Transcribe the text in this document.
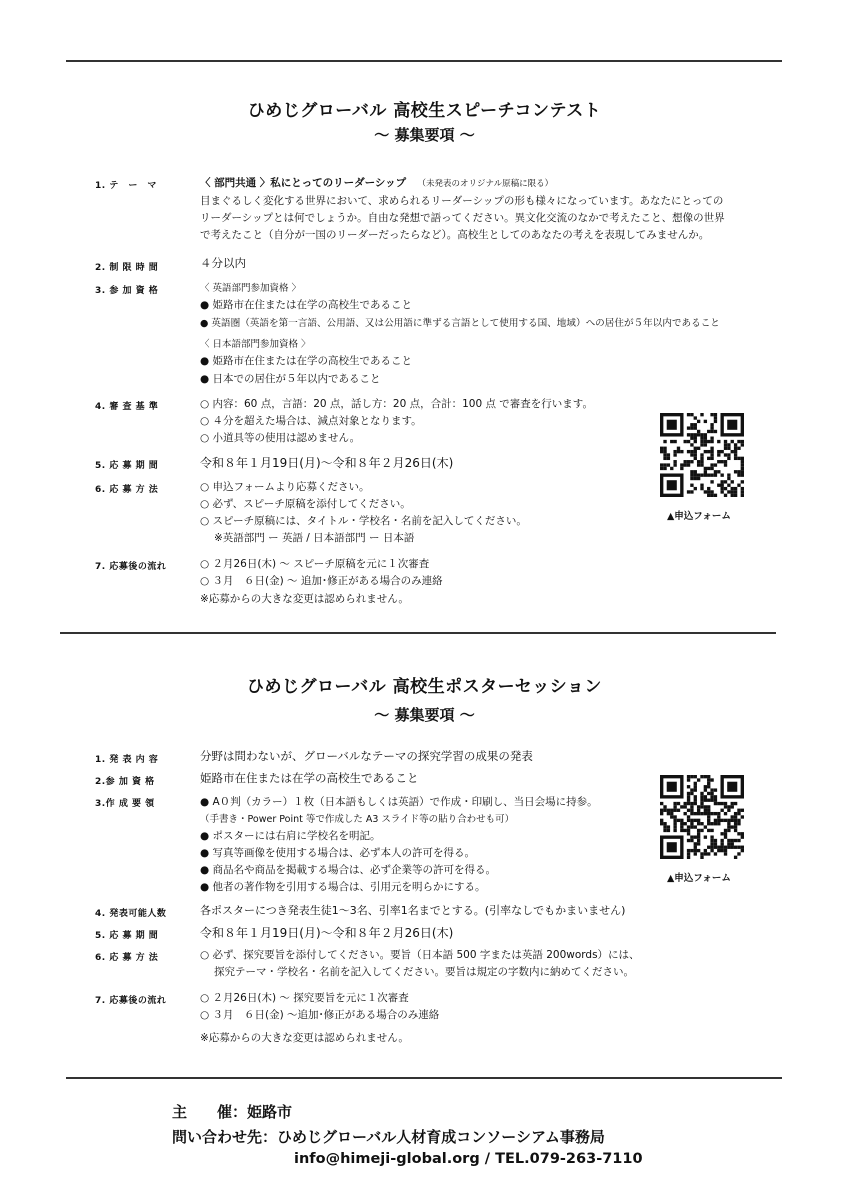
ひめじグローバル 高校生スピーチコンテスト
〜 募集要項 〜
1. テ　ー　マ	〈 部門共通 〉私にとってのリーダーシップ （未発表のオリジナル原稿に限る）
目まぐるしく変化する世界において、求められるリーダーシップの形も様々になっています。あなたにとっての
リーダーシップとは何でしょうか。自由な発想で語ってください。異文化交流のなかで考えたこと、想像の世界
で考えたこと（自分が一国のリーダーだったらなど）。高校生としてのあなたの考えを表現してみませんか。
2. 制 限 時 間	４分以内
3. 参 加 資 格	〈 英語部門参加資格 〉
● 姫路市在住または在学の高校生であること
● 英語圏（英語を第一言語、公用語、又は公用語に準ずる言語として使用する国、地域）への居住が５年以内であること
〈 日本語部門参加資格 〉
● 姫路市在住または在学の高校生であること
● 日本での居住が５年以内であること
4. 審 査 基 準	○ 内容：60 点，言語：20 点，話し方：20 点，合計：100 点 で審査を行います。
○ ４分を超えた場合は、減点対象となります。
○ 小道具等の使用は認めません。
5. 応 募 期 間	令和８年１月19日(月)〜令和８年２月26日(木)
6. 応 募 方 法	○ 申込フォームより応募ください。
○ 必ず、スピーチ原稿を添付してください。
○ スピーチ原稿には、タイトル・学校名・名前を記入してください。
※英語部門 ー 英語 / 日本語部門 ー 日本語
7. 応募後の流れ	○ ２月26日(木) 〜 スピーチ原稿を元に１次審査
○ ３月　６日(金) 〜 追加･修正がある場合のみ連絡
※応募からの大きな変更は認められません。
▲申込フォーム
ひめじグローバル 高校生ポスターセッション
〜 募集要項 〜
1. 発 表 内 容	分野は問わないが、グローバルなテーマの探究学習の成果の発表
2.参 加 資 格	姫路市在住または在学の高校生であること
3.作 成 要 領	● A０判（カラー）１枚（日本語もしくは英語）で作成・印刷し、当日会場に持参。
（手書き・Power Point 等で作成した A3 スライド等の貼り合わせも可）
● ポスターには右肩に学校名を明記。
● 写真等画像を使用する場合は、必ず本人の許可を得る。
● 商品名や商品を掲載する場合は、必ず企業等の許可を得る。
● 他者の著作物を引用する場合は、引用元を明らかにする。
4. 発表可能人数	各ポスターにつき発表生徒1〜3名、引率1名までとする。(引率なしでもかまいません)
5. 応 募 期 間	令和８年１月19日(月)〜令和８年２月26日(木)
6. 応 募 方 法	○ 必ず、探究要旨を添付してください。要旨（日本語 500 字または英語 200words）には、
探究テーマ・学校名・名前を記入してください。要旨は規定の字数内に納めてください。
7. 応募後の流れ	○ ２月26日(木) 〜 探究要旨を元に１次審査
○ ３月　６日(金) 〜追加･修正がある場合のみ連絡
※応募からの大きな変更は認められません。
▲申込フォーム
主　　催：姫路市
問い合わせ先：ひめじグローバル人材育成コンソーシアム事務局
info@himeji-global.org / TEL.079-263-7110
